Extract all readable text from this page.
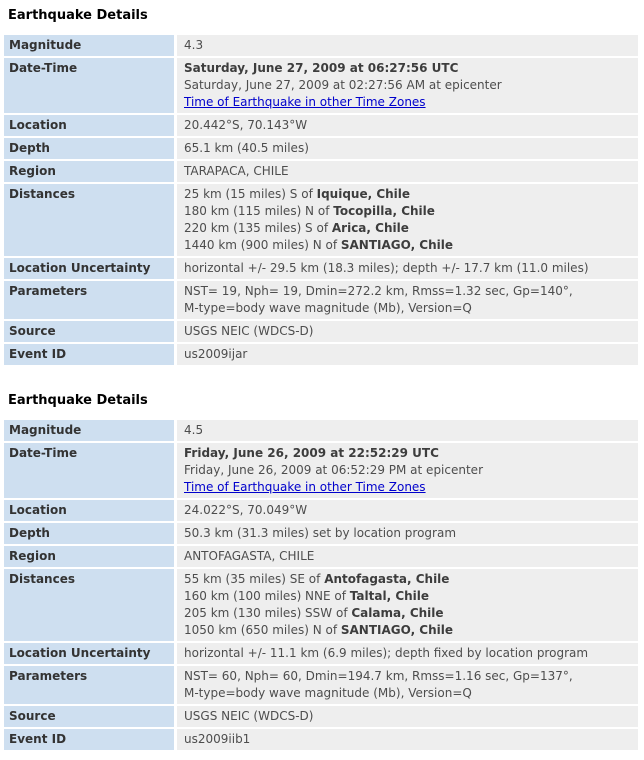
Earthquake Details
Magnitude	4.3

Date-Time	Saturday, June 27, 2009 at 06:27:56 UTC
Saturday, June 27, 2009 at 02:27:56 AM at epicenter
Time of Earthquake in other Time Zones

Location	20.442°S, 70.143°W

Depth	65.1 km (40.5 miles)

Region	TARAPACA, CHILE

Distances	25 km (15 miles) S of Iquique, Chile
180 km (115 miles) N of Tocopilla, Chile
220 km (135 miles) S of Arica, Chile
1440 km (900 miles) N of SANTIAGO, Chile

Location Uncertainty	horizontal +/- 29.5 km (18.3 miles); depth +/- 17.7 km (11.0 miles)

Parameters	NST= 19, Nph= 19, Dmin=272.2 km, Rmss=1.32 sec, Gp=140°,
M-type=body wave magnitude (Mb), Version=Q

Source	USGS NEIC (WDCS-D)

Event ID	us2009ijar
Earthquake Details
Magnitude	4.5

Date-Time	Friday, June 26, 2009 at 22:52:29 UTC
Friday, June 26, 2009 at 06:52:29 PM at epicenter
Time of Earthquake in other Time Zones

Location	24.022°S, 70.049°W

Depth	50.3 km (31.3 miles) set by location program

Region	ANTOFAGASTA, CHILE

Distances	55 km (35 miles) SE of Antofagasta, Chile
160 km (100 miles) NNE of Taltal, Chile
205 km (130 miles) SSW of Calama, Chile
1050 km (650 miles) N of SANTIAGO, Chile

Location Uncertainty	horizontal +/- 11.1 km (6.9 miles); depth fixed by location program

Parameters	NST= 60, Nph= 60, Dmin=194.7 km, Rmss=1.16 sec, Gp=137°,
M-type=body wave magnitude (Mb), Version=Q

Source	USGS NEIC (WDCS-D)

Event ID	us2009iib1
